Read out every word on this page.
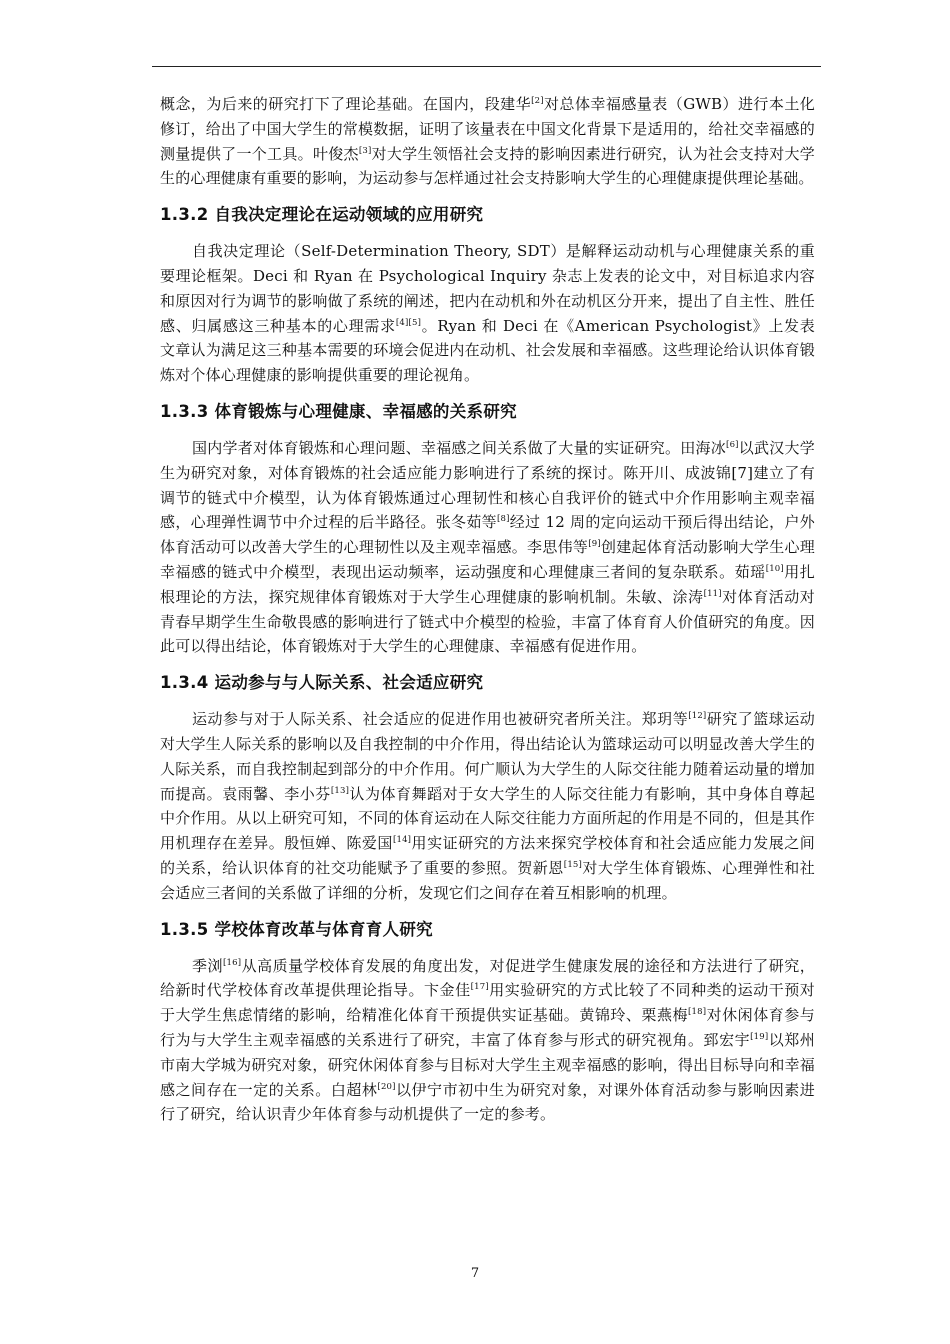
概念，为后来的研究打下了理论基础。在国内，段建华[2]对总体幸福感量表（GWB）进行本土化修订，给出了中国大学生的常模数据，证明了该量表在中国文化背景下是适用的，给社交幸福感的测量提供了一个工具。叶俊杰[3]对大学生领悟社会支持的影响因素进行研究，认为社会支持对大学生的心理健康有重要的影响，为运动参与怎样通过社会支持影响大学生的心理健康提供理论基础。

1.3.2 自我决定理论在运动领域的应用研究

自我决定理论（Self-Determination Theory, SDT）是解释运动动机与心理健康关系的重要理论框架。Deci 和 Ryan 在 Psychological Inquiry 杂志上发表的论文中，对目标追求内容和原因对行为调节的影响做了系统的阐述，把内在动机和外在动机区分开来，提出了自主性、胜任感、归属感这三种基本的心理需求[4][5]。Ryan 和 Deci 在《American Psychologist》上发表文章认为满足这三种基本需要的环境会促进内在动机、社会发展和幸福感。这些理论给认识体育锻炼对个体心理健康的影响提供重要的理论视角。

1.3.3 体育锻炼与心理健康、幸福感的关系研究

国内学者对体育锻炼和心理问题、幸福感之间关系做了大量的实证研究。田海冰[6]以武汉大学生为研究对象，对体育锻炼的社会适应能力影响进行了系统的探讨。陈开川、成波锦[7]建立了有调节的链式中介模型，认为体育锻炼通过心理韧性和核心自我评价的链式中介作用影响主观幸福感，心理弹性调节中介过程的后半路径。张冬茹等[8]经过 12 周的定向运动干预后得出结论，户外体育活动可以改善大学生的心理韧性以及主观幸福感。李思伟等[9]创建起体育活动影响大学生心理幸福感的链式中介模型，表现出运动频率，运动强度和心理健康三者间的复杂联系。茹瑶[10]用扎根理论的方法，探究规律体育锻炼对于大学生心理健康的影响机制。朱敏、涂涛[11]对体育活动对青春早期学生生命敬畏感的影响进行了链式中介模型的检验，丰富了体育育人价值研究的角度。因此可以得出结论，体育锻炼对于大学生的心理健康、幸福感有促进作用。

1.3.4 运动参与与人际关系、社会适应研究

运动参与对于人际关系、社会适应的促进作用也被研究者所关注。郑玥等[12]研究了篮球运动对大学生人际关系的影响以及自我控制的中介作用，得出结论认为篮球运动可以明显改善大学生的人际关系，而自我控制起到部分的中介作用。何广顺认为大学生的人际交往能力随着运动量的增加而提高。袁雨馨、李小芬[13]认为体育舞蹈对于女大学生的人际交往能力有影响，其中身体自尊起中介作用。从以上研究可知，不同的体育运动在人际交往能力方面所起的作用是不同的，但是其作用机理存在差异。殷恒婵、陈爱国[14]用实证研究的方法来探究学校体育和社会适应能力发展之间的关系，给认识体育的社交功能赋予了重要的参照。贺新恩[15]对大学生体育锻炼、心理弹性和社会适应三者间的关系做了详细的分析，发现它们之间存在着互相影响的机理。

1.3.5 学校体育改革与体育育人研究

季浏[16]从高质量学校体育发展的角度出发，对促进学生健康发展的途径和方法进行了研究，给新时代学校体育改革提供理论指导。卞金佳[17]用实验研究的方式比较了不同种类的运动干预对于大学生焦虑情绪的影响，给精准化体育干预提供实证基础。黄锦玲、栗燕梅[18]对休闲体育参与行为与大学生主观幸福感的关系进行了研究，丰富了体育参与形式的研究视角。郅宏宇[19]以郑州市南大学城为研究对象，研究休闲体育参与目标对大学生主观幸福感的影响，得出目标导向和幸福感之间存在一定的关系。白超林[20]以伊宁市初中生为研究对象，对课外体育活动参与影响因素进行了研究，给认识青少年体育参与动机提供了一定的参考。

7
